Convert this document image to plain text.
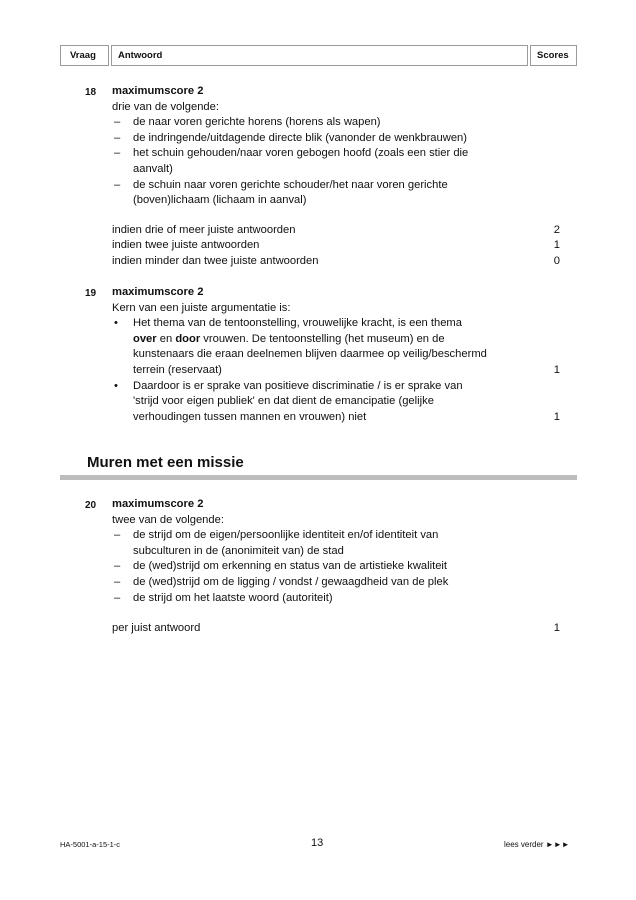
Vraag	Antwoord	Scores
18 maximumscore 2
drie van de volgende:
– de naar voren gerichte horens (horens als wapen)
– de indringende/uitdagende directe blik (vanonder de wenkbrauwen)
– het schuin gehouden/naar voren gebogen hoofd (zoals een stier die
aanvalt)
– de schuin naar voren gerichte schouder/het naar voren gerichte
(boven)lichaam (lichaam in aanval)
indien drie of meer juiste antwoorden	2
indien twee juiste antwoorden	1
indien minder dan twee juiste antwoorden	0
19 maximumscore 2
Kern van een juiste argumentatie is:
• Het thema van de tentoonstelling, vrouwelijke kracht, is een thema
over en door vrouwen. De tentoonstelling (het museum) en de
kunstenaars die eraan deelnemen blijven daarmee op veilig/beschermd
terrein (reservaat)	1
• Daardoor is er sprake van positieve discriminatie / is er sprake van
'strijd voor eigen publiek' en dat dient de emancipatie (gelijke
verhoudingen tussen mannen en vrouwen) niet	1
Muren met een missie
20 maximumscore 2
twee van de volgende:
– de strijd om de eigen/persoonlijke identiteit en/of identiteit van
subculturen in de (anonimiteit van) de stad
– de (wed)strijd om erkenning en status van de artistieke kwaliteit
– de (wed)strijd om de ligging / vondst / gewaagdheid van de plek
– de strijd om het laatste woord (autoriteit)
per juist antwoord	1
HA-5001-a-15-1-c	13	lees verder ►►►
